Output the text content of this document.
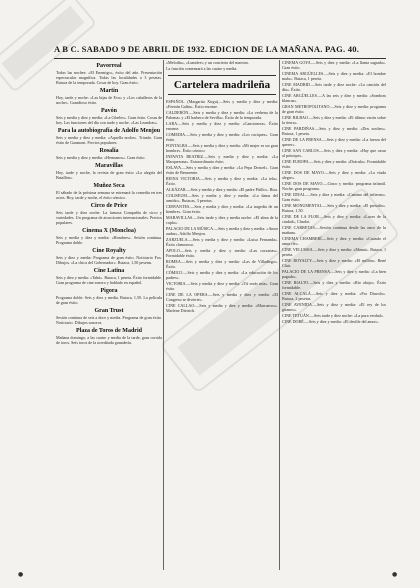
A B C. SABADO 9 DE ABRIL DE 1932. EDICION DE LA MAÑANA. PAG. 40.
Pavorreal

Todas las noches: «El Enemigo», éxito del año. Presentación espectacular magnífica. Todas las localidades a 3 pesetas. Butaca de la temporada. Cosas de hoy. Gran éxito.

Martin

Hoy, tarde y noche: «Las hijas de Eva» y «Los caballeros de la noche». Grandioso éxito.

Pavón

Seis y media y diez y media: «La Cibeles». Gran éxito. Cosas de hoy. Las funciones del día con tarde y noche. «Las Leandras».

Para la autobiografía de Adolfo Menjou

Seis y media y diez y media: «Aquella noche». Triunfo. Gran éxito de Gaumont. Precios populares.

Rosalía

Seis y media y diez y media: «Hermanos». Gran éxito.

Maravillas

Hoy, tarde y noche, la revista de gran éxito «La alegría del Batallón».

Muñoz Seca

El sábado de la próxima semana se estrenará la comedia en tres actos. Hoy, tarde y noche, el éxito cómico.

Circo de Price

Seis tarde y diez noche: La famosa Compañía de circo y variedades. Un programa de atracciones internacionales. Precios populares.

Cinema X (Moncloa)

Seis y media y diez y media: «Hombres». Sesión continua. Programa doble.

Cine Royalty

Seis y diez y media: Programa de gran éxito. Noticiario Fox. Dibujos. «La chica del Gobernador». Butaca, 1,50 pesetas.

Cine Latina

Seis y diez y media: «Tabú». Butaca, 1 peseta. Éxito formidable. Gran programa de cine sonoro y hablado en español.

Pigora

Programa doble: Seis y diez y media. Butaca, 1,50. La película de gran éxito.

Gran Trust

Sesión continua de seis a doce y media. Programa de gran éxito. Noticiario. Dibujos sonoros.

Plaza de Toros de Madrid

Mañana domingo, a las cuatro y media de la tarde, gran corrida de toros. Seis toros de la acreditada ganadería.

«Melodía», «Lumière» y un concierto del maestro.

La función comenzará a las cuatro y media.

Cartelera madrileña

ESPAÑOL. (Margarita Xirgu).—Seis y media y diez y media: «Fermín Galán». Éxito enorme.

CALDERÓN.—Seis y media y diez y media: «La verbena de la Paloma» y «El barbero de Sevilla». Éxito de la temporada.

LARA.—Seis y media y diez y media: «Cancionera». Éxito enorme.

COMEDIA.—Seis y media y diez y media: «Los caciques». Gran éxito.

FONTALBA.—Seis y media y diez y media: «Mi mujer es un gran hombre». Éxito cómico.

INFANTA BEATRIZ.—Seis y media y diez y media: «La Marquesona». Extraordinario éxito.

ESLAVA.—Seis y media y diez y media: «La Pepa Doncel». Gran éxito de Benavente.

REINA VICTORIA.—Seis y media y diez y media: «La tela». Éxito.

ALKÁZAR.—Seis y media y diez y media: «El padre Pitillo». Risa.

COLISEUM.—Seis y media y diez y media: «La dama del armiño». Butacas, 3 pesetas.

CERVANTES.—Seis y media y diez y media: «La tragedia de un hombre». Gran éxito.

MARAVILLAS.—Seis tarde y diez y media noche: «El alma de la copla».

PALACIO DE LA MÚSICA.—Seis y media y diez y media: «Amor audaz», Adolfo Menjou.

ZARZUELA.—Seis y media y diez y media: «Luisa Fernanda». Éxito clamoroso.

APOLO.—Seis y media y diez y media: «Las corsarias». Formidable éxito.

ROMEA.—Seis y media y diez y media: «Las de Villadiego». Éxito.

CÓMICO.—Seis y media y diez y media: «La educación de los padres».

VICTORIA.—Seis y media y diez y media: «Tú serás mía». Gran éxito.

CINE DE LA OPERA.—Seis y media y diez y media: «El Congreso se divierte».

CINE CALLAO.—Seis y media y diez y media: «Marruecos». Marlene Dietrich.

CINEMA GOYA.—Seis y diez y media: «La llama sagrada». Gran éxito.

CINEMA ARGÜELLES.—Seis y diez y media: «El hombre malo». Butaca, 1 peseta.

CINE MADRID.—Seis tarde y diez noche: «La canción del día». Éxito.

CINE ARGÜELLES.—A las seis y diez y media: «Sombras blancas».

GRAN METROPOLITANO.—Seis y diez y media: programa de gran éxito.

CINE BILBAO.—Seis y diez y media: «El último varón sobre la tierra».

CINE PARDIÑAS.—Seis y diez y media: «Dos noches». Butaca, 1 peseta.

CINE DE LA PRENSA.—Seis y diez y media: «La fuerza del querer».

CINE SAN CARLOS.—Seis y diez y media: «Hay que casar al príncipe».

CINE EUROPA.—Seis y diez y media: «Drácula». Formidable éxito.

CINE DOS DE MAYO.—Seis y diez y media: «La viuda alegre».

CINE DOS DE MAYO.—Cinco y media: programa infantil. Noche, gran programa.

CINE IDEAL.—Seis y diez y media: «Camino del infierno». Gran éxito.

CINE MONUMENTAL.—Seis y diez y media: «El presidio». Butaca, 1,50.

CINE DE LA FLOR.—Seis y diez y media: «Luces de la ciudad», Charlot.

CINE CARRETAS.—Sesión continua desde las once de la mañana.

CINEMA CHAMBERÍ.—Seis y diez y media: «Cuando el amor ríe».

CINE VELUSSIA.—Seis y diez y media: «Mamá». Butaca, 1 peseta.

CINE ROYALTY.—Seis y diez y media: «El millón». René Clair.

PALACIO DE LA PRENSA.—Seis y diez y media: «La bien pagada».

CINE RIALTO.—Seis y diez y media: «Río abajo». Éxito formidable.

CINE ALCALÁ.—Seis y diez y media: «Fra Diavolo». Butaca, 2 pesetas.

CINE AVENIDA.—Seis y diez y media: «El rey de los gitanos».

CINE TETUÁN.—Seis tarde y diez noche: «La pura verdad».

CINE DORÉ.—Seis y diez y media: «El desfile del amor».

●	●
